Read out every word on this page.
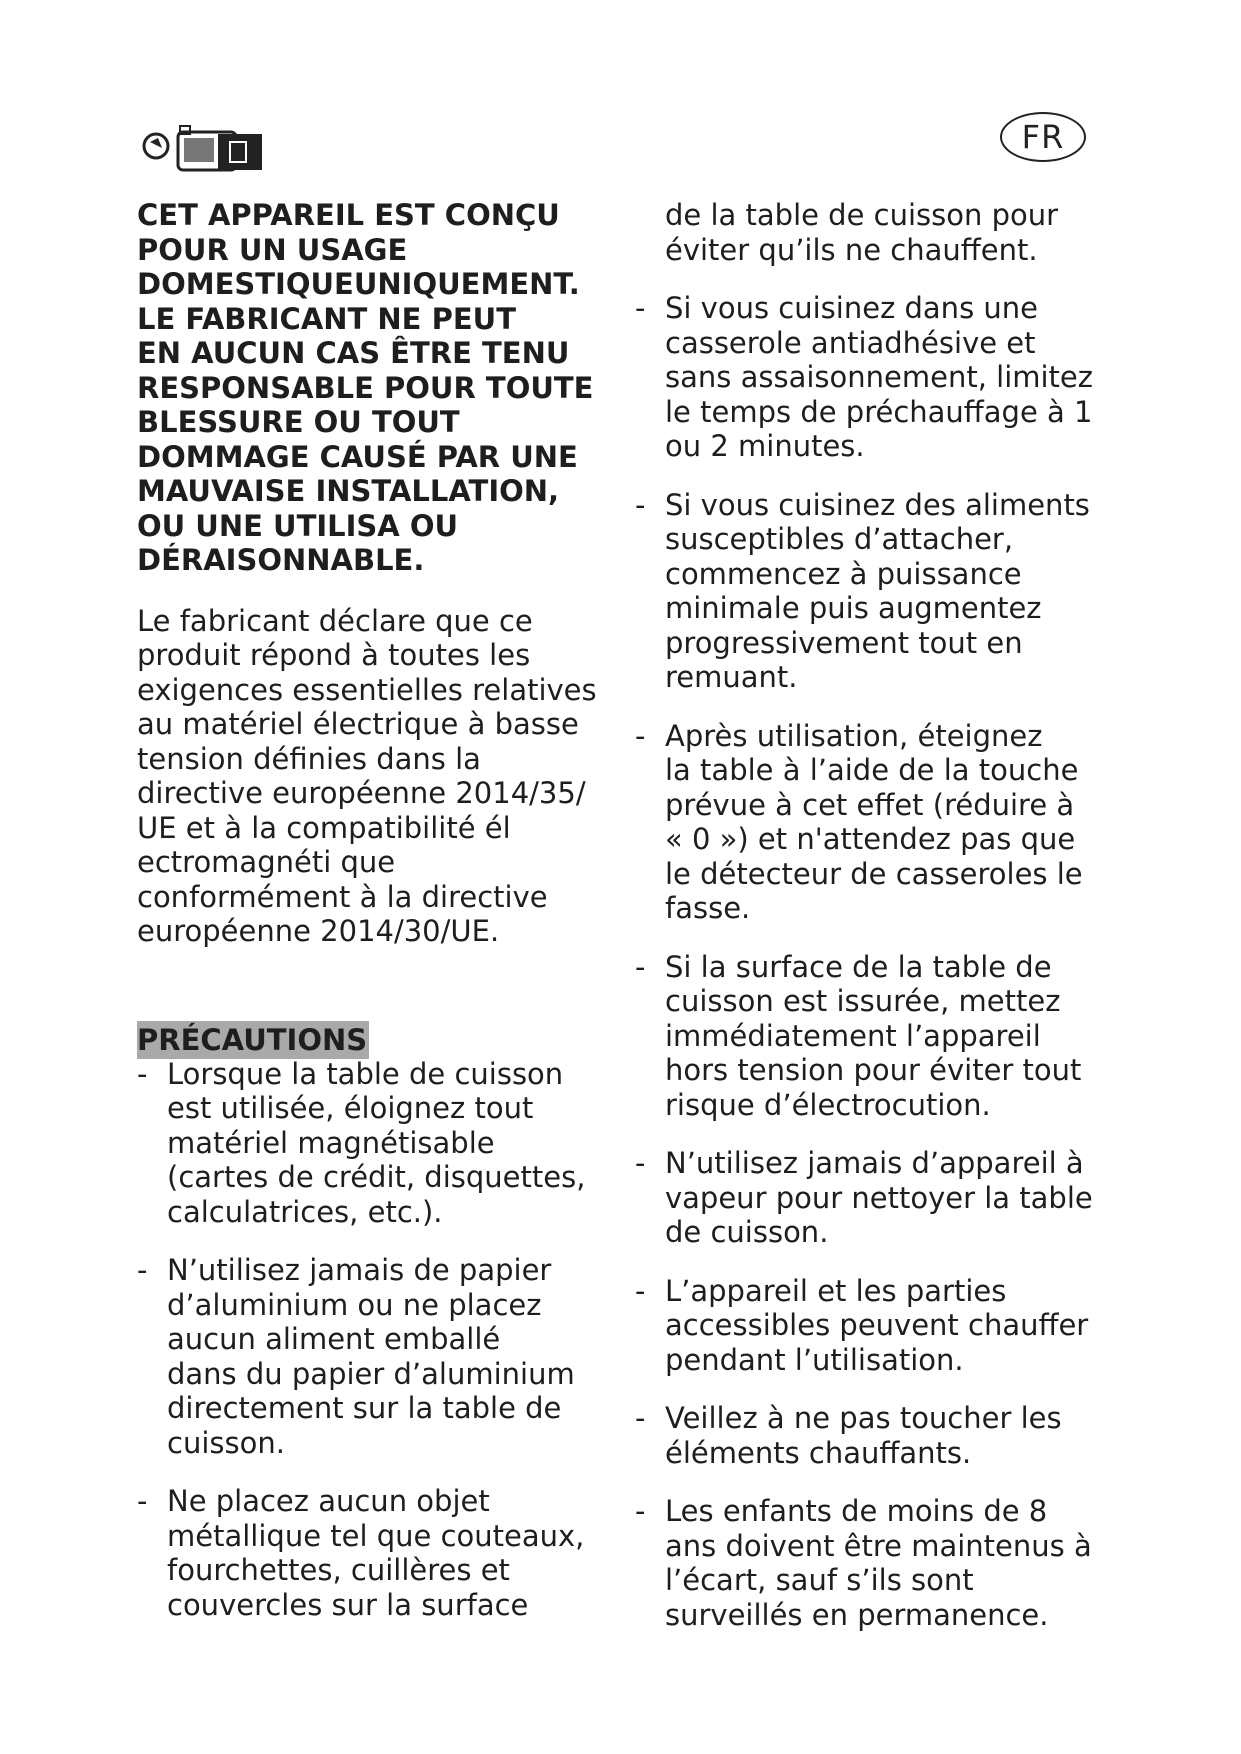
FR

CET APPAREIL EST CONÇU
POUR UN USAGE
DOMESTIQUEUNIQUEMENT.
LE FABRICANT NE PEUT
EN AUCUN CAS ÊTRE TENU
RESPONSABLE POUR TOUTE
BLESSURE OU TOUT
DOMMAGE CAUSÉ PAR UNE
MAUVAISE INSTALLATION,
OU UNE UTILISA OU
DÉRAISONNABLE.

Le fabricant déclare que ce
produit répond à toutes les
exigences essentielles relatives
au matériel électrique à basse
tension définies dans la
directive européenne 2014/35/
UE et à la compatibilité él
ectromagnéti que
conformément à la directive
européenne 2014/30/UE.

PRÉCAUTIONS
- Lorsque la table de cuisson
est utilisée, éloignez tout
matériel magnétisable
(cartes de crédit, disquettes,
calculatrices, etc.).
- N’utilisez jamais de papier
d’aluminium ou ne placez
aucun aliment emballé
dans du papier d’aluminium
directement sur la table de
cuisson.
- Ne placez aucun objet
métallique tel que couteaux,
fourchettes, cuillères et
couvercles sur la surface

de la table de cuisson pour
éviter qu’ils ne chauffent.

- Si vous cuisinez dans une
casserole antiadhésive et
sans assaisonnement, limitez
le temps de préchauffage à 1
ou 2 minutes.
- Si vous cuisinez des aliments
susceptibles d’attacher,
commencez à puissance
minimale puis augmentez
progressivement tout en
remuant.
- Après utilisation, éteignez
la table à l’aide de la touche
prévue à cet effet (réduire à
« 0 ») et n'attendez pas que
le détecteur de casseroles le
fasse.
- Si la surface de la table de
cuisson est issurée, mettez
immédiatement l’appareil
hors tension pour éviter tout
risque d’électrocution.
- N’utilisez jamais d’appareil à
vapeur pour nettoyer la table
de cuisson.
- L’appareil et les parties
accessibles peuvent chauffer
pendant l’utilisation.
- Veillez à ne pas toucher les
éléments chauffants.
- Les enfants de moins de 8
ans doivent être maintenus à
l’écart, sauf s’ils sont
surveillés en permanence.
